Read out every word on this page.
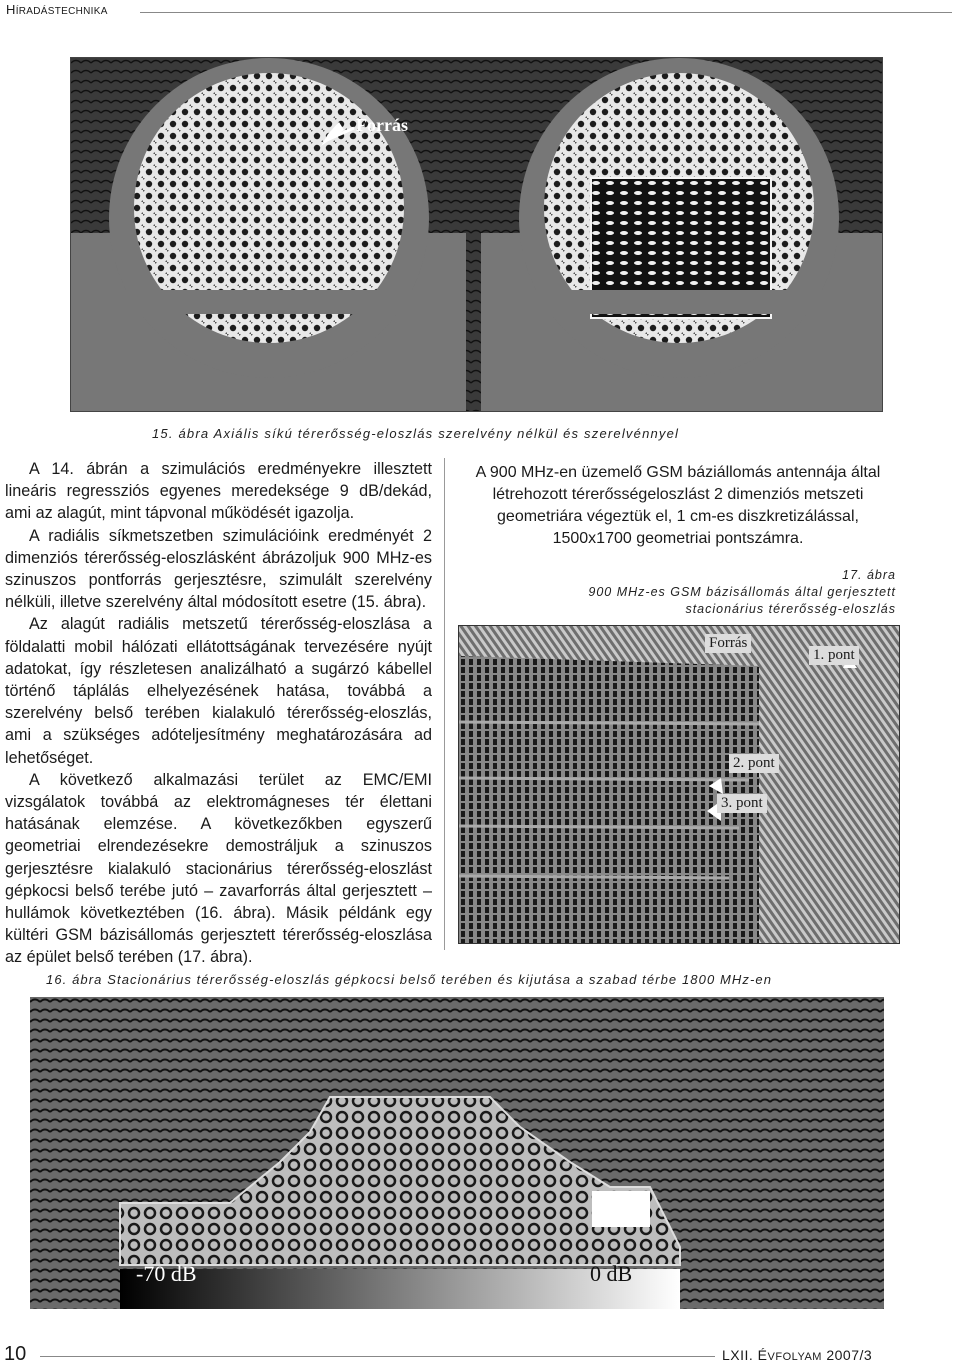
HÍRADÁSTECHNIKA
Forrás
15. ábra Axiális síkú térerősség-eloszlás szerelvény nélkül és szerelvénnyel

A 14. ábrán a szimulációs eredményekre illesztett lineáris regressziós egyenes meredeksége 9 dB/dekád, ami az alagút, mint tápvonal működését igazolja.

A radiális síkmetszetben szimulációink eredményét 2 dimenziós térerősség-eloszlásként ábrázoljuk 900 MHz-es szinuszos pontforrás gerjesztésre, szimulált szerelvény nélküli, illetve szerelvény által módosított esetre (15. ábra).

Az alagút radiális metszetű térerősség-eloszlása a földalatti mobil hálózati ellátottságának tervezésére nyújt adatokat, így részletesen analizálható a sugárzó kábellel történő táplálás elhelyezésének hatása, továbbá a szerelvény belső terében kialakuló térerősség-eloszlás, ami a szükséges adóteljesítmény meghatározására ad lehetőséget.

A következő alkalmazási terület az EMC/EMI vizsgálatok továbbá az elektromágneses tér élettani hatásának elemzése. A következőkben egyszerű geometriai elrendezésekre demostráljuk a szinuszos gerjesztésre kialakuló stacionárius térerősség-eloszlást gépkocsi belső terébe jutó – zavarforrás által gerjesztett – hullámok következtében (16. ábra). Másik példánk egy kültéri GSM bázisállomás gerjesztett térerősség-eloszlása az épület belső terében (17. ábra).

A 900 MHz-en üzemelő GSM báziállomás antennája által létrehozott térerősségeloszlást 2 dimenziós metszeti geometriára végeztük el, 1 cm-es diszkretizálással, 1500x1700 geometriai pontszámra.
17. ábra
900 MHz-es GSM bázisállomás által gerjesztett
stacionárius térerősség-eloszlás
Forrás
1. pont
2. pont
3. pont
16. ábra Stacionárius térerősség-eloszlás gépkocsi belső terében és kijutása a szabad térbe 1800 MHz-en
-70 dB	0 dB
10	LXII. ÉVFOLYAM 2007/3
